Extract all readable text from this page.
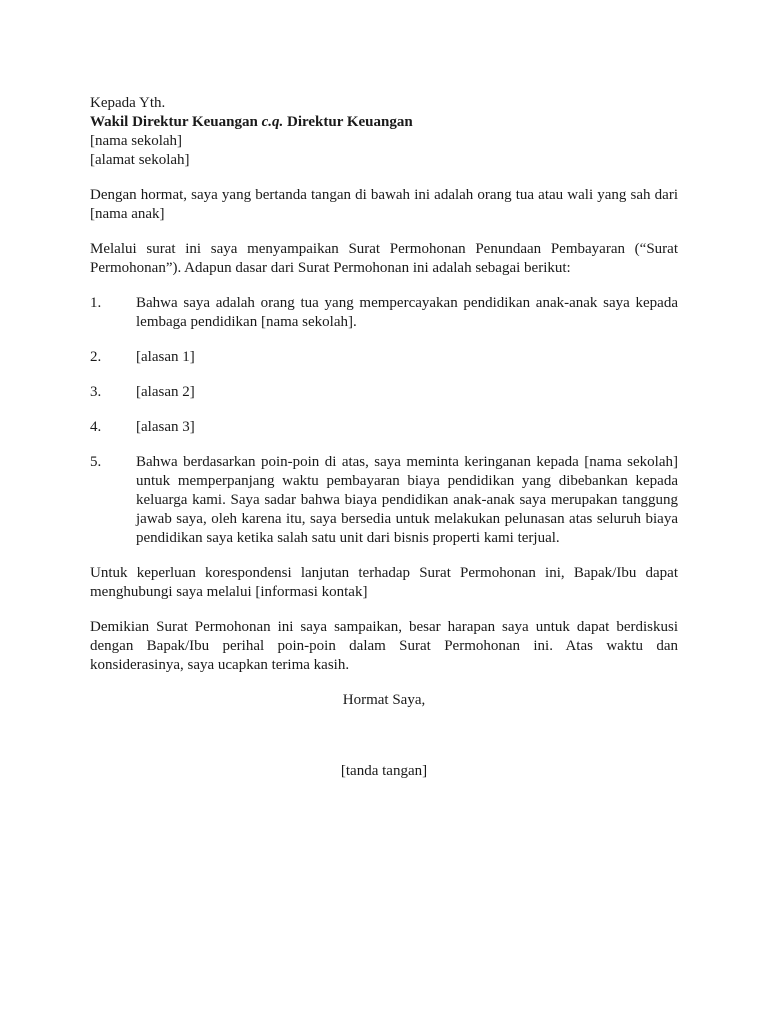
Kepada Yth.
Wakil Direktur Keuangan c.q. Direktur Keuangan
[nama sekolah]
[alamat sekolah]

Dengan hormat, saya yang bertanda tangan di bawah ini adalah orang tua atau wali yang sah dari [nama anak]

Melalui surat ini saya menyampaikan Surat Permohonan Penundaan Pembayaran (“Surat Permohonan”). Adapun dasar dari Surat Permohonan ini adalah sebagai berikut:

1.	Bahwa saya adalah orang tua yang mempercayakan pendidikan anak-anak saya kepada lembaga pendidikan [nama sekolah].
2.	[alasan 1]
3.	[alasan 2]
4.	[alasan 3]
5.	Bahwa berdasarkan poin-poin di atas, saya meminta keringanan kepada [nama sekolah] untuk memperpanjang waktu pembayaran biaya pendidikan yang dibebankan kepada keluarga kami. Saya sadar bahwa biaya pendidikan anak-anak saya merupakan tanggung jawab saya, oleh karena itu, saya bersedia untuk melakukan pelunasan atas seluruh biaya pendidikan saya ketika salah satu unit dari bisnis properti kami terjual.

Untuk keperluan korespondensi lanjutan terhadap Surat Permohonan ini, Bapak/Ibu dapat menghubungi saya melalui [informasi kontak]

Demikian Surat Permohonan ini saya sampaikan, besar harapan saya untuk dapat berdiskusi dengan Bapak/Ibu perihal poin-poin dalam Surat Permohonan ini. Atas waktu dan konsiderasinya, saya ucapkan terima kasih.

Hormat Saya,

[tanda tangan]
